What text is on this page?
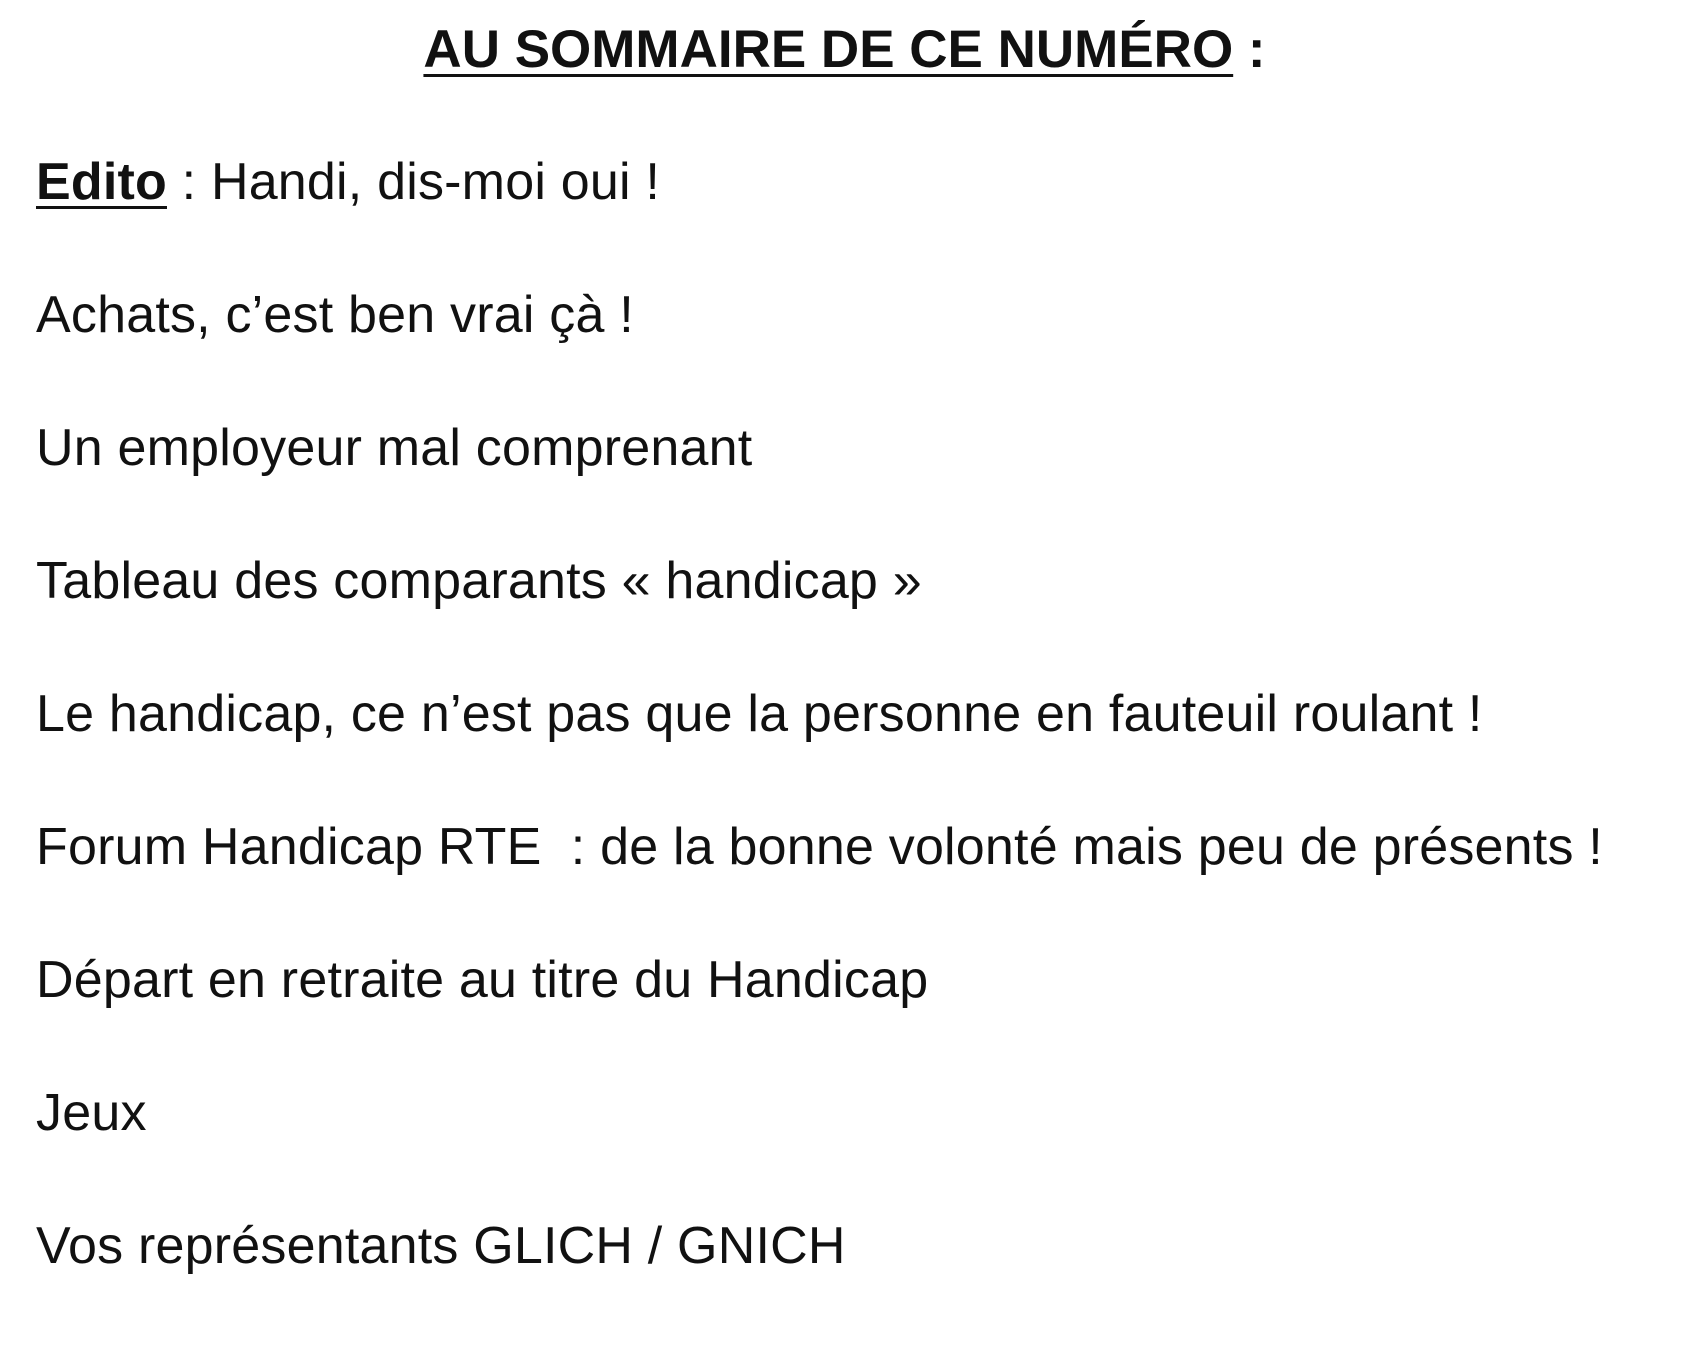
AU SOMMAIRE DE CE NUMÉRO :
Edito : Handi, dis-moi oui !
Achats, c’est ben vrai çà !
Un employeur mal comprenant
Tableau des comparants « handicap »
Le handicap, ce n’est pas que la personne en fauteuil roulant !
Forum Handicap RTE  : de la bonne volonté mais peu de présents !
Départ en retraite au titre du Handicap
Jeux
Vos représentants GLICH / GNICH
